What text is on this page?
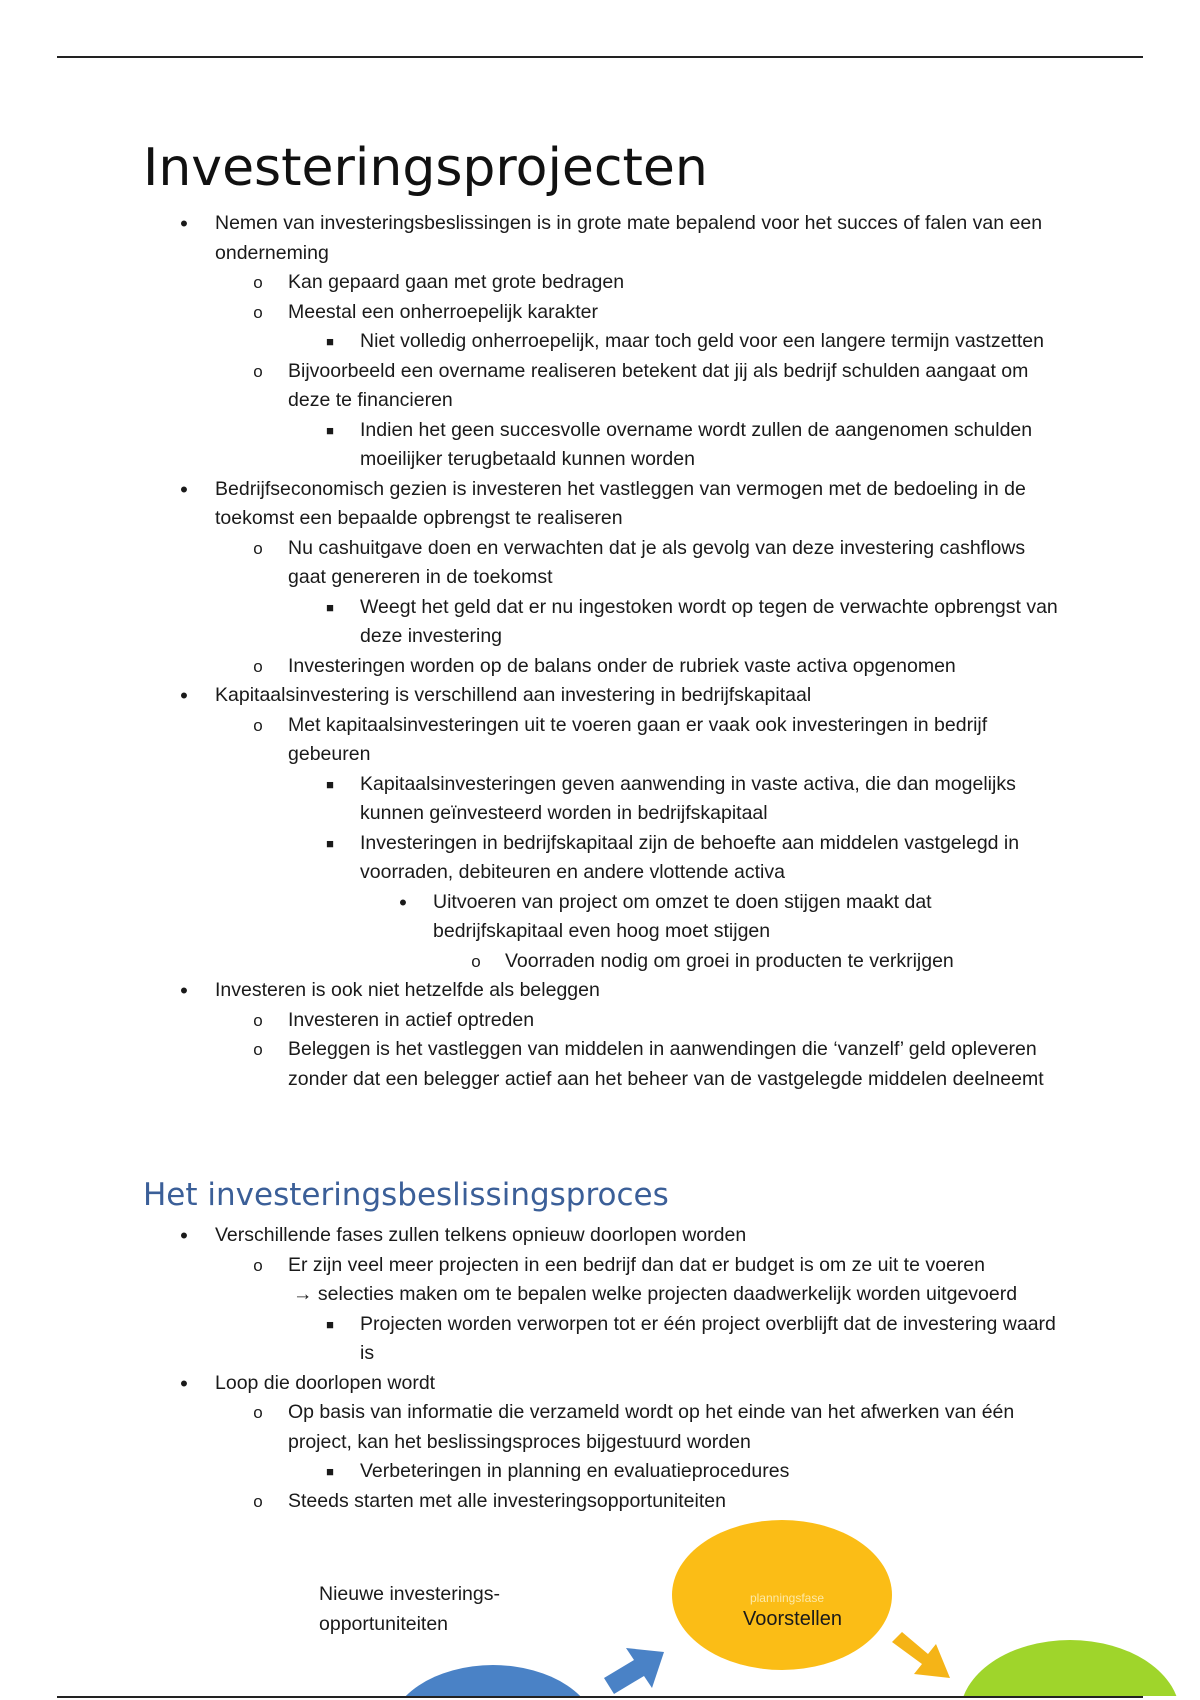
Investeringsprojecten
•	Nemen van investeringsbeslissingen is in grote mate bepalend voor het succes of falen van een onderneming
o Kan gepaard gaan met grote bedragen
o Meestal een onherroepelijk karakter
■	Niet volledig onherroepelijk, maar toch geld voor een langere termijn vastzetten
o Bijvoorbeeld een overname realiseren betekent dat jij als bedrijf schulden aangaat om deze te financieren
■	Indien het geen succesvolle overname wordt zullen de aangenomen schulden moeilijker terugbetaald kunnen worden
•	Bedrijfseconomisch gezien is investeren het vastleggen van vermogen met de bedoeling in de toekomst een bepaalde opbrengst te realiseren
o Nu cashuitgave doen en verwachten dat je als gevolg van deze investering cashflows gaat genereren in de toekomst
■	Weegt het geld dat er nu ingestoken wordt op tegen de verwachte opbrengst van deze investering
o Investeringen worden op de balans onder de rubriek vaste activa opgenomen
•	Kapitaalsinvestering is verschillend aan investering in bedrijfskapitaal
o Met kapitaalsinvesteringen uit te voeren gaan er vaak ook investeringen in bedrijf gebeuren
■	Kapitaalsinvesteringen geven aanwending in vaste activa, die dan mogelijks kunnen geïnvesteerd worden in bedrijfskapitaal
■	Investeringen in bedrijfskapitaal zijn de behoefte aan middelen vastgelegd in voorraden, debiteuren en andere vlottende activa
•	Uitvoeren van project om omzet te doen stijgen maakt dat bedrijfskapitaal even hoog moet stijgen
o Voorraden nodig om groei in producten te verkrijgen
•	Investeren is ook niet hetzelfde als beleggen
o Investeren in actief optreden
o Beleggen is het vastleggen van middelen in aanwendingen die ‘vanzelf’ geld opleveren zonder dat een belegger actief aan het beheer van de vastgelegde middelen deelneemt
Het investeringsbeslissingsproces
•	Verschillende fases zullen telkens opnieuw doorlopen worden
o Er zijn veel meer projecten in een bedrijf dan dat er budget is om ze uit te voeren
→ selecties maken om te bepalen welke projecten daadwerkelijk worden uitgevoerd
■	Projecten worden verworpen tot er één project overblijft dat de investering waard is
•	Loop die doorlopen wordt
o Op basis van informatie die verzameld wordt op het einde van het afwerken van één project, kan het beslissingsproces bijgestuurd worden
■	Verbeteringen in planning en evaluatieprocedures
o Steeds starten met alle investeringsopportuniteiten
Nieuwe investerings-
opportuniteiten
planningsfase
Voorstellen
